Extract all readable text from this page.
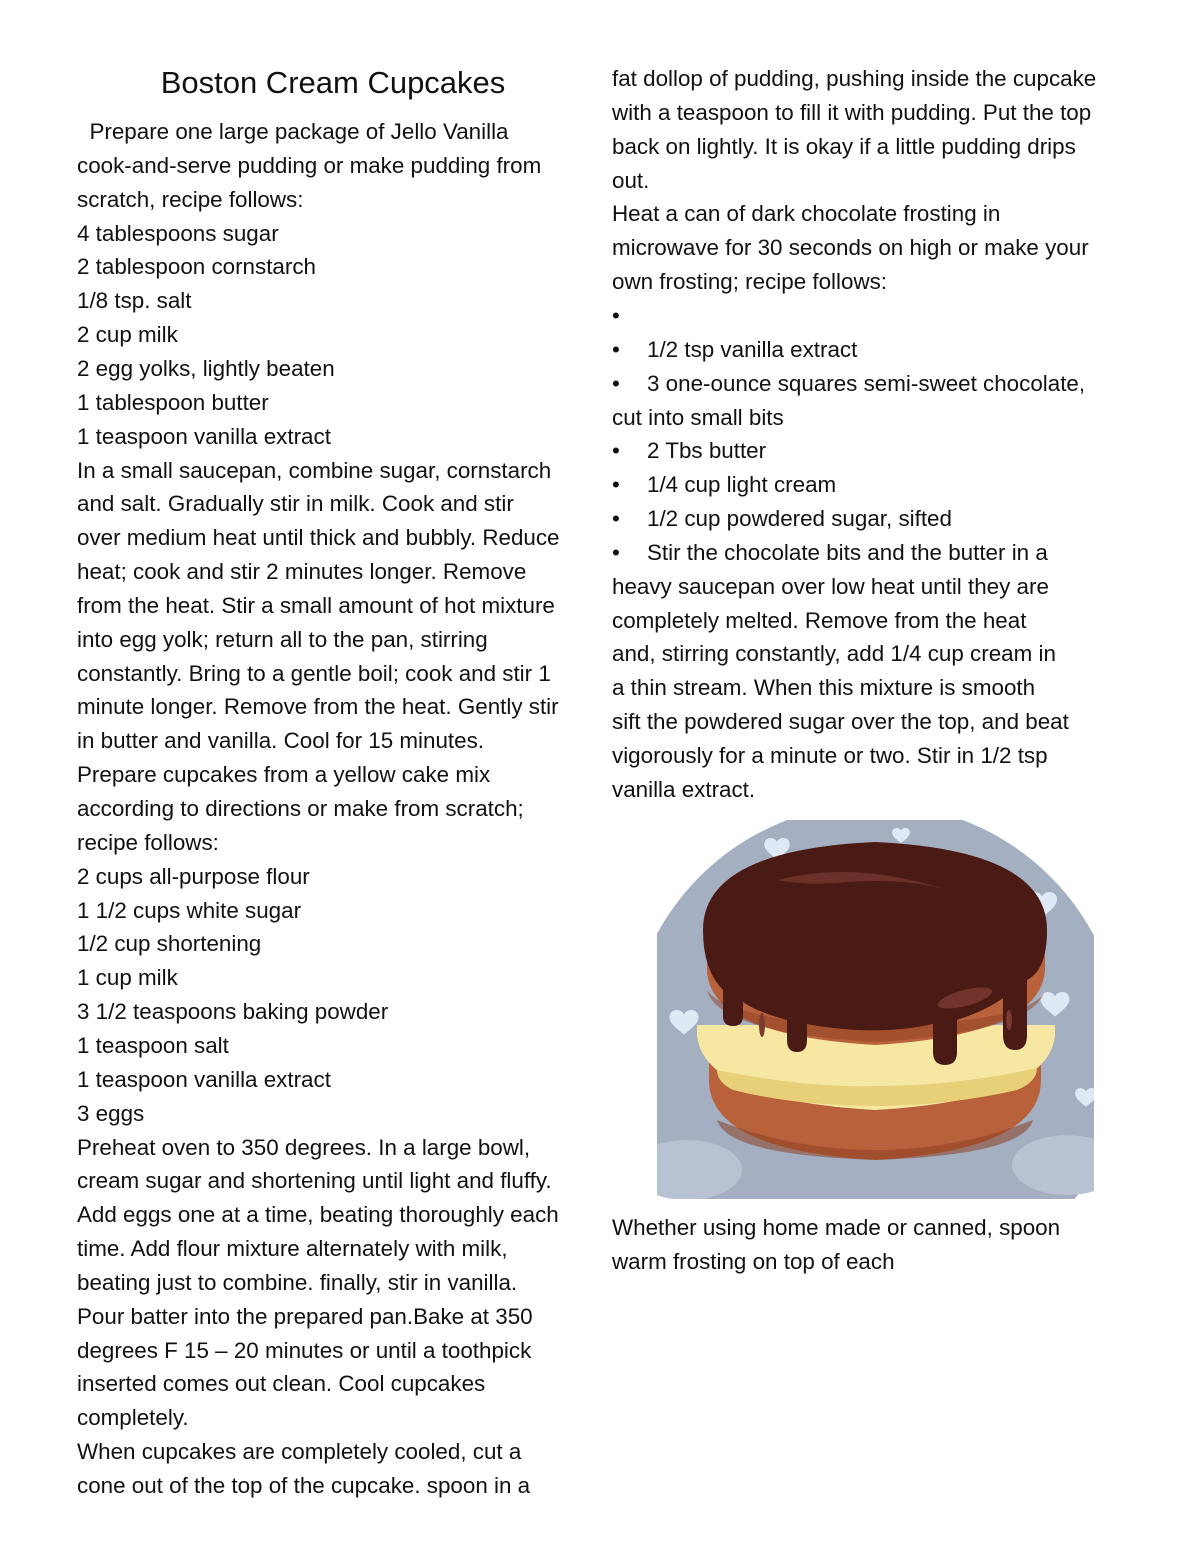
Boston Cream Cupcakes
Prepare one large package of Jello Vanilla
cook-and-serve pudding or make pudding from
scratch, recipe follows:
4 tablespoons sugar
2 tablespoon cornstarch
1/8 tsp. salt
2 cup milk
2 egg yolks, lightly beaten
1 tablespoon butter
1 teaspoon vanilla extract
In a small saucepan, combine sugar, cornstarch
and salt. Gradually stir in milk. Cook and stir
over medium heat until thick and bubbly. Reduce
heat; cook and stir 2 minutes longer. Remove
from the heat. Stir a small amount of hot mixture
into egg yolk; return all to the pan, stirring
constantly. Bring to a gentle boil; cook and stir 1
minute longer. Remove from the heat. Gently stir
in butter and vanilla. Cool for 15 minutes.
Prepare cupcakes from a yellow cake mix
according to directions or make from scratch;
recipe follows:
2 cups all-purpose flour
1 1/2 cups white sugar
1/2 cup shortening
1 cup milk
3 1/2 teaspoons baking powder
1 teaspoon salt
1 teaspoon vanilla extract
3 eggs
Preheat oven to 350 degrees. In a large bowl,
cream sugar and shortening until light and fluffy.
Add eggs one at a time, beating thoroughly each
time. Add flour mixture alternately with milk,
beating just to combine. finally, stir in vanilla.
Pour batter into the prepared pan.Bake at 350
degrees F 15 – 20 minutes or until a toothpick
inserted comes out clean. Cool cupcakes
completely.
When cupcakes are completely cooled, cut a
cone out of the top of the cupcake. spoon in a
fat dollop of pudding, pushing inside the cupcake
with a teaspoon to fill it with pudding. Put the top
back on lightly. It is okay if a little pudding drips
out.
Heat a can of dark chocolate frosting in
microwave for 30 seconds on high or make your
own frosting; recipe follows:
•
• 1/2 tsp vanilla extract
• 3 one-ounce squares semi-sweet chocolate,
cut into small bits
• 2 Tbs butter
• 1/4 cup light cream
• 1/2 cup powdered sugar, sifted
• Stir the chocolate bits and the butter in a
heavy saucepan over low heat until they are
completely melted. Remove from the heat
and, stirring constantly, add 1/4 cup cream in
a thin stream. When this mixture is smooth
sift the powdered sugar over the top, and beat
vigorously for a minute or two. Stir in 1/2 tsp
vanilla extract.
Whether using home made or canned, spoon
warm frosting on top of each
